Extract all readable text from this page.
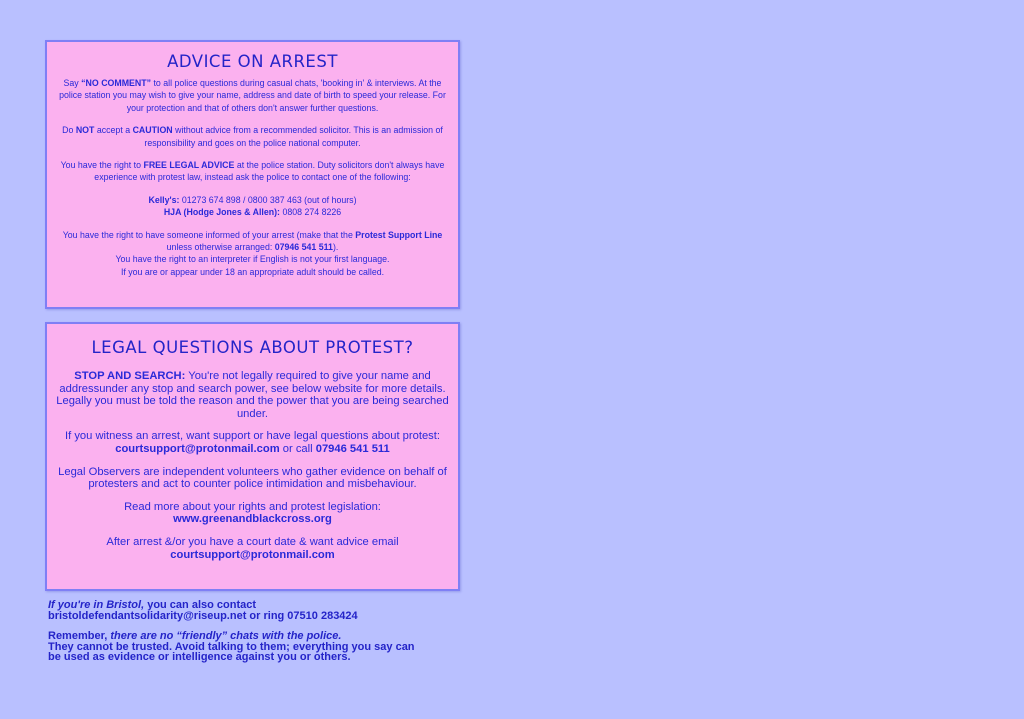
ADVICE ON ARREST

Say “NO COMMENT” to all police questions during casual chats, 'booking in' & interviews. At the police station you may wish to give your name, address and date of birth to speed your release. For your protection and that of others don't answer further questions.

Do NOT accept a CAUTION without advice from a recommended solicitor. This is an admission of responsibility and goes on the police national computer.

You have the right to FREE LEGAL ADVICE at the police station. Duty solicitors don't always have experience with protest law, instead ask the police to contact one of the following:

Kelly's: 01273 674 898 / 0800 387 463 (out of hours)
HJA (Hodge Jones & Allen): 0808 274 8226

You have the right to have someone informed of your arrest (make that the Protest Support Line unless otherwise arranged: 07946 541 511).
You have the right to an interpreter if English is not your first language.
If you are or appear under 18 an appropriate adult should be called.

LEGAL QUESTIONS ABOUT PROTEST?

STOP AND SEARCH: You're not legally required to give your name and addressunder any stop and search power, see below website for more details. Legally you must be told the reason and the power that you are being searched under.

If you witness an arrest, want support or have legal questions about protest:
courtsupport@protonmail.com or call 07946 541 511

Legal Observers are independent volunteers who gather evidence on behalf of protesters and act to counter police intimidation and misbehaviour.

Read more about your rights and protest legislation:
www.greenandblackcross.org

After arrest &/or you have a court date & want advice email
courtsupport@protonmail.com

If you're in Bristol, you can also contact
bristoldefendantsolidarity@riseup.net or ring 07510 283424

Remember, there are no “friendly” chats with the police.
They cannot be trusted. Avoid talking to them; everything you say can be used as evidence or intelligence against you or others.
